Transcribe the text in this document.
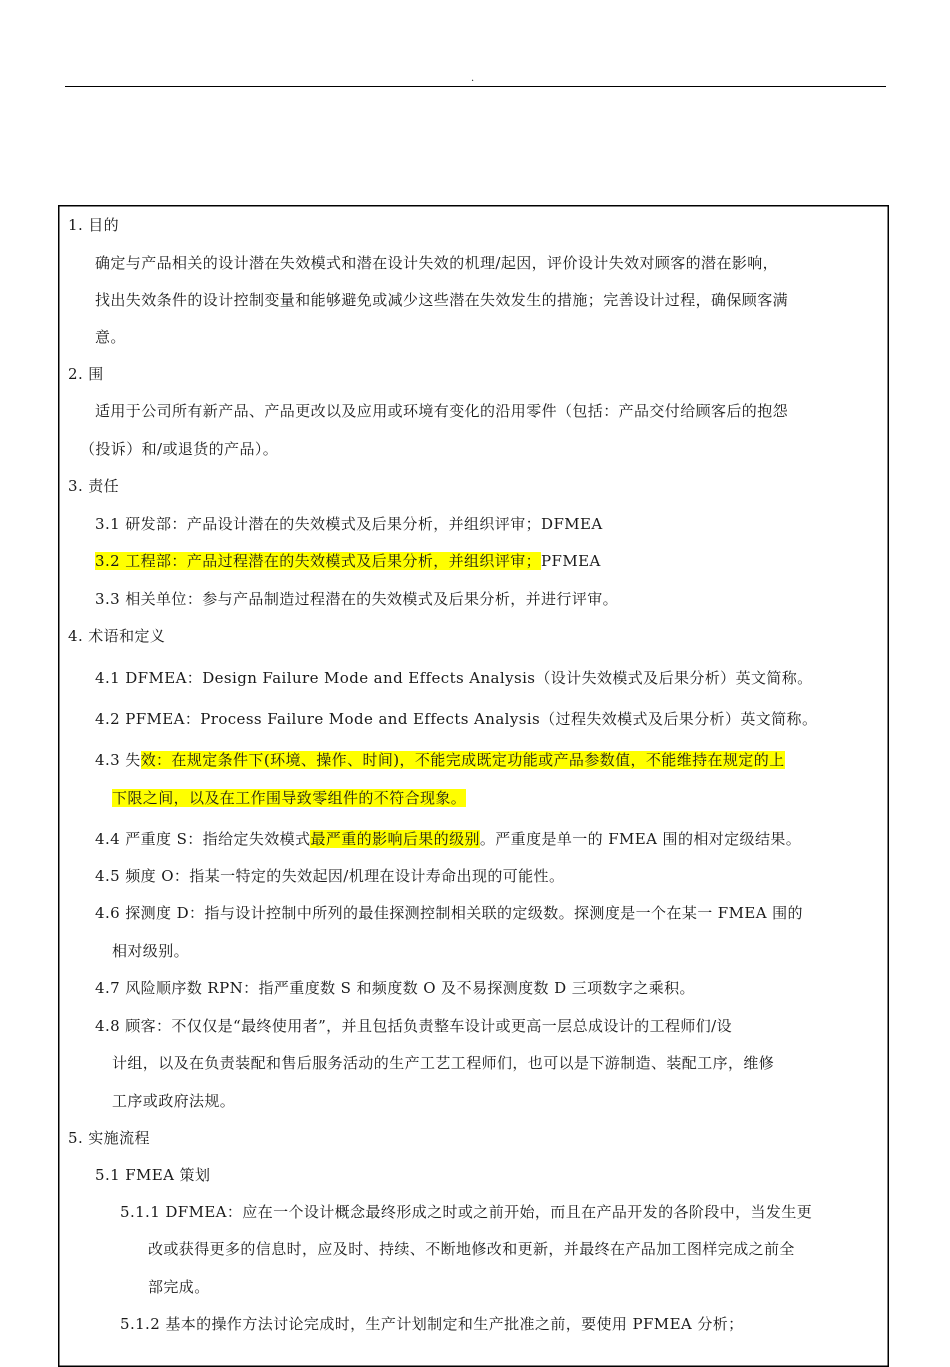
.
1. 目的
确定与产品相关的设计潜在失效模式和潜在设计失效的机理/起因，评价设计失效对顾客的潜在影响，
找出失效条件的设计控制变量和能够避免或减少这些潜在失效发生的措施；完善设计过程，确保顾客满
意。
2. 围
适用于公司所有新产品、产品更改以及应用或环境有变化的沿用零件（包括：产品交付给顾客后的抱怨
（投诉）和/或退货的产品）。
3. 责任
3.1 研发部：产品设计潜在的失效模式及后果分析，并组织评审；DFMEA
3.2 工程部：产品过程潜在的失效模式及后果分析，并组织评审；PFMEA
3.3 相关单位：参与产品制造过程潜在的失效模式及后果分析，并进行评审。
4. 术语和定义
4.1 DFMEA：Design Failure Mode and Effects Analysis（设计失效模式及后果分析）英文简称。
4.2 PFMEA：Process Failure Mode and Effects Analysis（过程失效模式及后果分析）英文简称。
4.3 失效：在规定条件下(环境、操作、时间)，不能完成既定功能或产品参数值，不能维持在规定的上
下限之间，以及在工作围导致零组件的不符合现象。
4.4 严重度 S：指给定失效模式最严重的影响后果的级别。严重度是单一的 FMEA 围的相对定级结果。
4.5 频度 O：指某一特定的失效起因/机理在设计寿命出现的可能性。
4.6 探测度 D：指与设计控制中所列的最佳探测控制相关联的定级数。探测度是一个在某一 FMEA 围的
相对级别。
4.7 风险顺序数 RPN：指严重度数 S 和频度数 O 及不易探测度数 D 三项数字之乘积。
4.8 顾客：不仅仅是“最终使用者”，并且包括负责整车设计或更高一层总成设计的工程师们/设
计组，以及在负责装配和售后服务活动的生产工艺工程师们，也可以是下游制造、装配工序，维修
工序或政府法规。
5. 实施流程
5.1 FMEA 策划
5.1.1 DFMEA：应在一个设计概念最终形成之时或之前开始，而且在产品开发的各阶段中，当发生更
改或获得更多的信息时，应及时、持续、不断地修改和更新，并最终在产品加工图样完成之前全
部完成。
5.1.2 基本的操作方法讨论完成时，生产计划制定和生产批准之前，要使用 PFMEA 分析；
